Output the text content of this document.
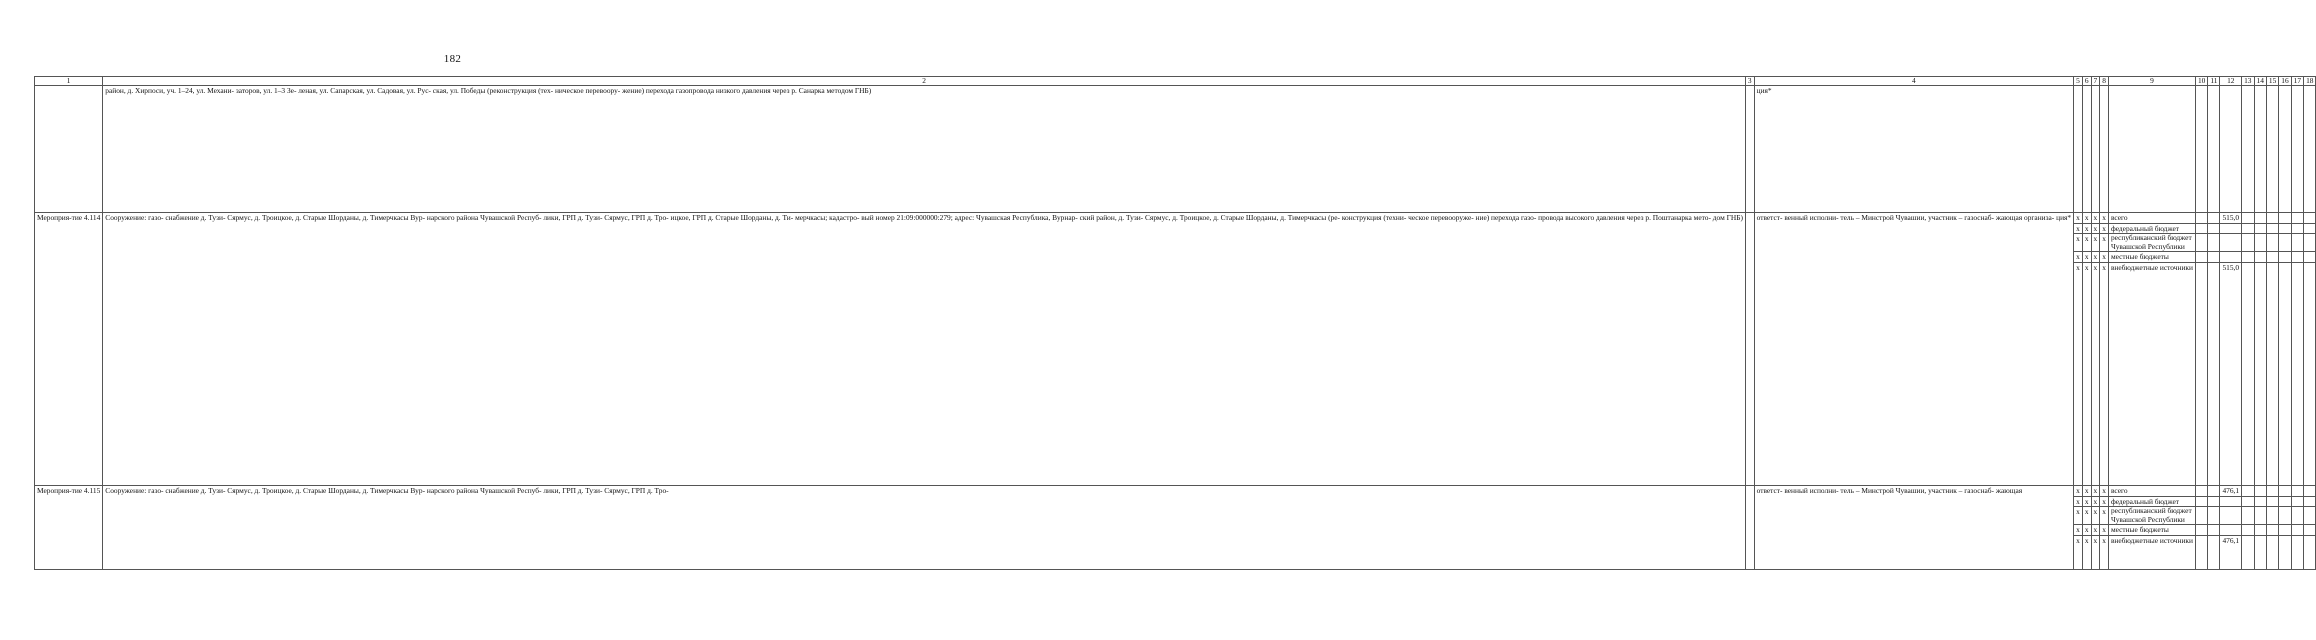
182
1	2	3	4	5	6	7	8	9	10	11	12	13	14	15	16	17	18
	район, д. Хирпоси, уч. 1–24, ул. Механи- заторов, ул. 1–3 Зе- леная, ул. Сапарская, ул. Садовая, ул. Рус- ская, ул. Победы (реконструкция (тех- ническое перевоору- жение) перехода газопровода низкого давления через р. Санарка методом ГНБ)		ция*														
Мероприя-тие 4.114	Сооружение: газо- снабжение д. Тузи- Сярмус, д. Троицкое, д. Старые Шорданы, д. Тимерчкасы Вур- нарского района Чувашской Респуб- лики, ГРП д. Тузи- Сярмус, ГРП д. Тро- ицкое, ГРП д. Старые Шорданы, д. Ти- мерчкасы; кадастро- вый номер 21:09:000000:279; адрес: Чувашская Республика, Вурнар- ский район, д. Тузи- Сярмус, д. Троицкое, д. Старые Шорданы, д. Тимерчкасы (ре- конструкция (техни- ческое перевооруже- ние) перехода газо- провода высокого давления через р. Поштанарка мето- дом ГНБ)		ответст- венный исполни- тель – Минстрой Чувашии, участник – газоснаб- жающая организа- ция*	х	х	х	х	всего			515,0						
				х	х	х	х	федеральный бюджет									
				х	х	х	х	республиканский бюджет Чувашской Республики									
				х	х	х	х	местные бюджеты									
				х	х	х	х	внебюджетные источники			515,0						
Мероприя-тие 4.115	Сооружение: газо- снабжение д. Тузи- Сярмус, д. Троицкое, д. Старые Шорданы, д. Тимерчкасы Вур- нарского района Чувашской Респуб- лики, ГРП д. Тузи- Сярмус, ГРП д. Тро-		ответст- венный исполни- тель – Минстрой Чувашии, участник – газоснаб- жающая	х	х	х	х	всего			476,1						
				х	х	х	х	федеральный бюджет									
				х	х	х	х	республиканский бюджет Чувашской Республики									
				х	х	х	х	местные бюджеты									
				х	х	х	х	внебюджетные источники			476,1						
